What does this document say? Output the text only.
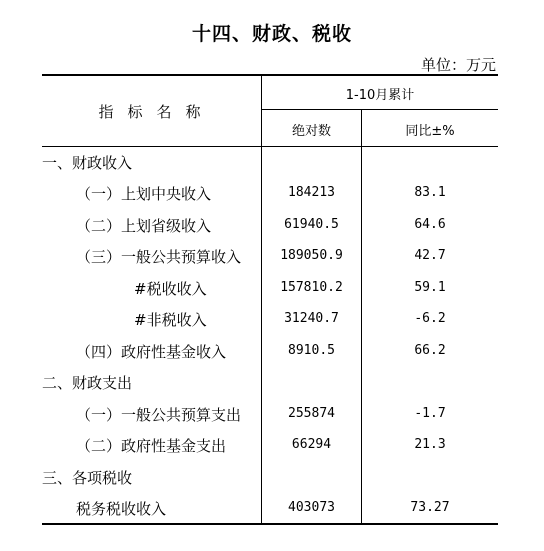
十四、财政、税收
单位：万元
指标名称
1-10月累计
绝对数	同比±%
一、财政收入
（一）上划中央收入	184213	83.1
（二）上划省级收入	61940.5	64.6
（三）一般公共预算收入	189050.9	42.7
#税收收入	157810.2	59.1
#非税收入	31240.7	-6.2
（四）政府性基金收入	8910.5	66.2
二、财政支出
（一）一般公共预算支出	255874	-1.7
（二）政府性基金支出	66294	21.3
三、各项税收
税务税收收入	403073	73.27
